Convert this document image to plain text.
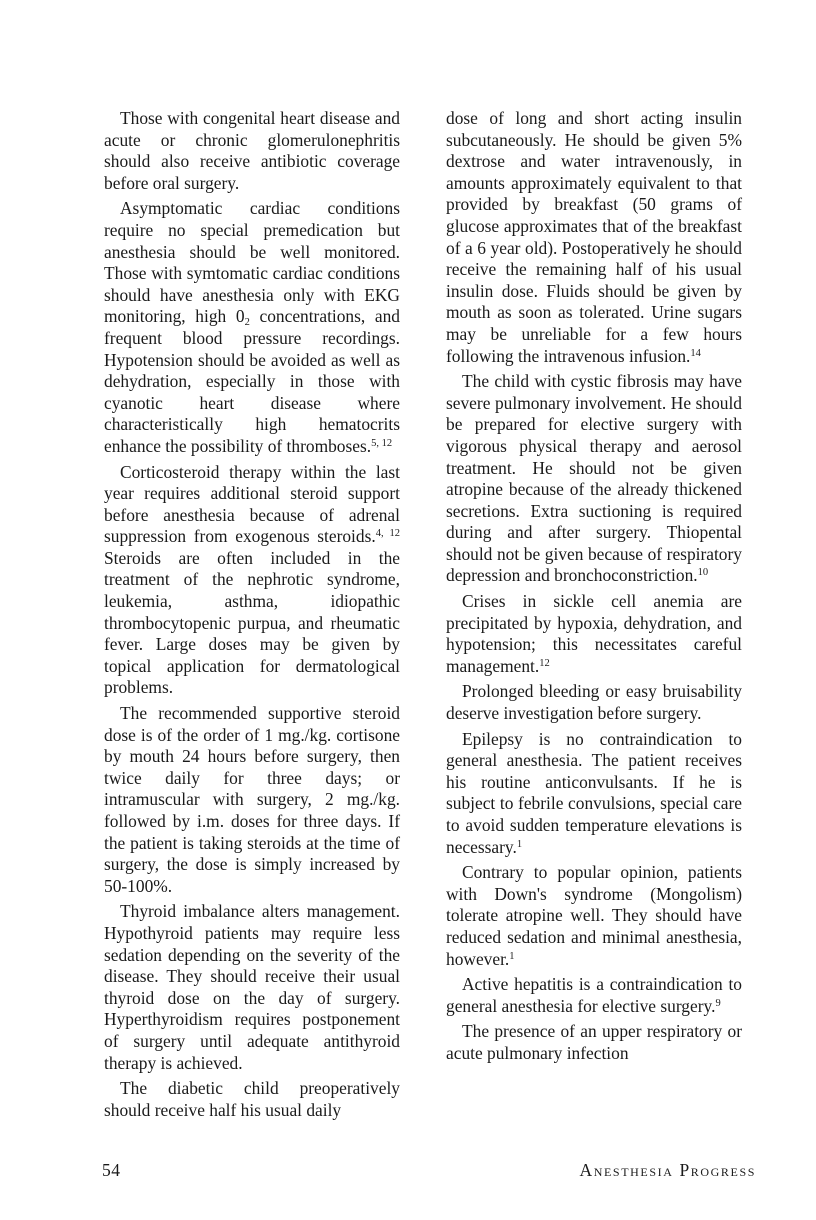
Those with congenital heart disease and acute or chronic glomerulonephritis should also receive antibiotic coverage before oral surgery.

Asymptomatic cardiac conditions require no special premedication but anesthesia should be well monitored. Those with symtomatic cardiac conditions should have anesthesia only with EKG monitoring, high $0_2$ concentrations, and frequent blood pressure recordings. Hypotension should be avoided as well as dehydration, especially in those with cyanotic heart disease where characteristically high hematocrits enhance the possibility of thromboses.$^{5, 12}$

Corticosteroid therapy within the last year requires additional steroid support before anesthesia because of adrenal suppression from exogenous steroids.$^{4, 12}$ Steroids are often included in the treatment of the nephrotic syndrome, leukemia, asthma, idiopathic thrombocytopenic purpua, and rheumatic fever. Large doses may be given by topical application for dermatological problems.

The recommended supportive steroid dose is of the order of 1 mg./kg. cortisone by mouth 24 hours before surgery, then twice daily for three days; or intramuscular with surgery, 2 mg./kg. followed by i.m. doses for three days. If the patient is taking steroids at the time of surgery, the dose is simply increased by 50-100%.

Thyroid imbalance alters management. Hypothyroid patients may require less sedation depending on the severity of the disease. They should receive their usual thyroid dose on the day of surgery. Hyperthyroidism requires postponement of surgery until adequate antithyroid therapy is achieved.

The diabetic child preoperatively should receive half his usual daily

dose of long and short acting insulin subcutaneously. He should be given 5% dextrose and water intravenously, in amounts approximately equivalent to that provided by breakfast (50 grams of glucose approximates that of the breakfast of a 6 year old). Postoperatively he should receive the remaining half of his usual insulin dose. Fluids should be given by mouth as soon as tolerated. Urine sugars may be unreliable for a few hours following the intravenous infusion.$^{14}$

The child with cystic fibrosis may have severe pulmonary involvement. He should be prepared for elective surgery with vigorous physical therapy and aerosol treatment. He should not be given atropine because of the already thickened secretions. Extra suctioning is required during and after surgery. Thiopental should not be given because of respiratory depression and bronchoconstriction.$^{10}$

Crises in sickle cell anemia are precipitated by hypoxia, dehydration, and hypotension; this necessitates careful management.$^{12}$

Prolonged bleeding or easy bruisability deserve investigation before surgery.

Epilepsy is no contraindication to general anesthesia. The patient receives his routine anticonvulsants. If he is subject to febrile convulsions, special care to avoid sudden temperature elevations is necessary.$^1$

Contrary to popular opinion, patients with Down's syndrome (Mongolism) tolerate atropine well. They should have reduced sedation and minimal anesthesia, however.$^1$

Active hepatitis is a contraindication to general anesthesia for elective surgery.$^9$

The presence of an upper respiratory or acute pulmonary infection

54	Anesthesia Progress
